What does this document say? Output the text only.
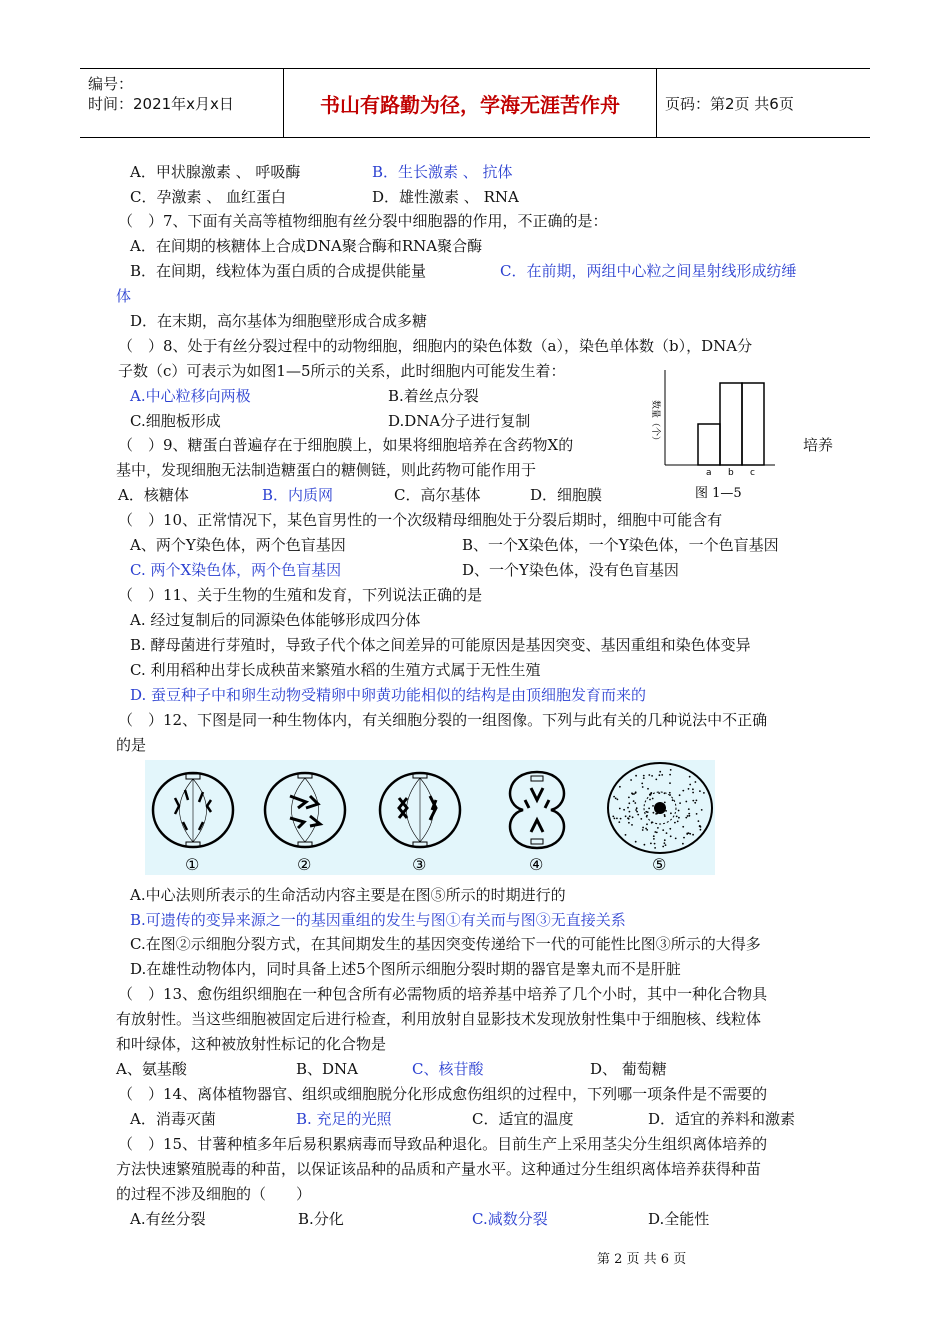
编号：
时间：2021年x月x日	书山有路勤为径，学海无涯苦作舟	页码：第2页 共6页
A．甲状腺激素 、 呼吸酶	B．生长激素 、 抗体
C．孕激素 、 血红蛋白	D．雄性激素 、 RNA
（　）7、下面有关高等植物细胞有丝分裂中细胞器的作用，不正确的是：
A．在间期的核糖体上合成DNA聚合酶和RNA聚合酶
B．在间期，线粒体为蛋白质的合成提供能量	C．在前期，两组中心粒之间星射线形成纺缍
体
D．在末期，高尔基体为细胞壁形成合成多糖
（　）8、处于有丝分裂过程中的动物细胞，细胞内的染色体数（a），染色单体数（b），DNA分
子数（c）可表示为如图1—5所示的关系，此时细胞内可能发生着：
A.中心粒移向两极	B.着丝点分裂
C.细胞板形成	D.DNA分子进行复制
（　）9、糖蛋白普遍存在于细胞膜上，如果将细胞培养在含药物X的	培养
基中，发现细胞无法制造糖蛋白的糖侧链，则此药物可能作用于
A．核糖体	B．内质网	C．高尔基体	D．细胞膜
数量（个）
a b c
图 1—5
（　）10、正常情况下，某色盲男性的一个次级精母细胞处于分裂后期时，细胞中可能含有
A、两个Y染色体，两个色盲基因	B、一个X染色体，一个Y染色体，一个色盲基因
C. 两个X染色体，两个色盲基因	D、一个Y染色体，没有色盲基因
（　）11、关于生物的生殖和发育，下列说法正确的是
A. 经过复制后的同源染色体能够形成四分体
B. 酵母菌进行芽殖时，导致子代个体之间差异的可能原因是基因突变、基因重组和染色体变异
C. 利用稻种出芽长成秧苗来繁殖水稻的生殖方式属于无性生殖
D. 蚕豆种子中和卵生动物受精卵中卵黄功能相似的结构是由顶细胞发育而来的
（　）12、下图是同一种生物体内，有关细胞分裂的一组图像。下列与此有关的几种说法中不正确
的是
①	②	③	④	⑤
A.中心法则所表示的生命活动内容主要是在图⑤所示的时期进行的
B.可遗传的变异来源之一的基因重组的发生与图①有关而与图③无直接关系
C.在图②示细胞分裂方式，在其间期发生的基因突变传递给下一代的可能性比图③所示的大得多
D.在雄性动物体内，同时具备上述5个图所示细胞分裂时期的器官是睾丸而不是肝脏
（　）13、愈伤组织细胞在一种包含所有必需物质的培养基中培养了几个小时，其中一种化合物具
有放射性。当这些细胞被固定后进行检查，利用放射自显影技术发现放射性集中于细胞核、线粒体
和叶绿体，这种被放射性标记的化合物是
A、氨基酸	B、DNA	C、核苷酸	D、 葡萄糖
（　）14、离体植物器官、组织或细胞脱分化形成愈伤组织的过程中，下列哪一项条件是不需要的
A．消毒灭菌	B. 充足的光照	C．适宜的温度	D．适宜的养料和激素
（　）15、甘薯种植多年后易积累病毒而导致品种退化。目前生产上采用茎尖分生组织离体培养的
方法快速繁殖脱毒的种苗，以保证该品种的品质和产量水平。这种通过分生组织离体培养获得种苗
的过程不涉及细胞的（　　）
A.有丝分裂	B.分化	C.减数分裂	D.全能性
第 2 页 共 6 页
